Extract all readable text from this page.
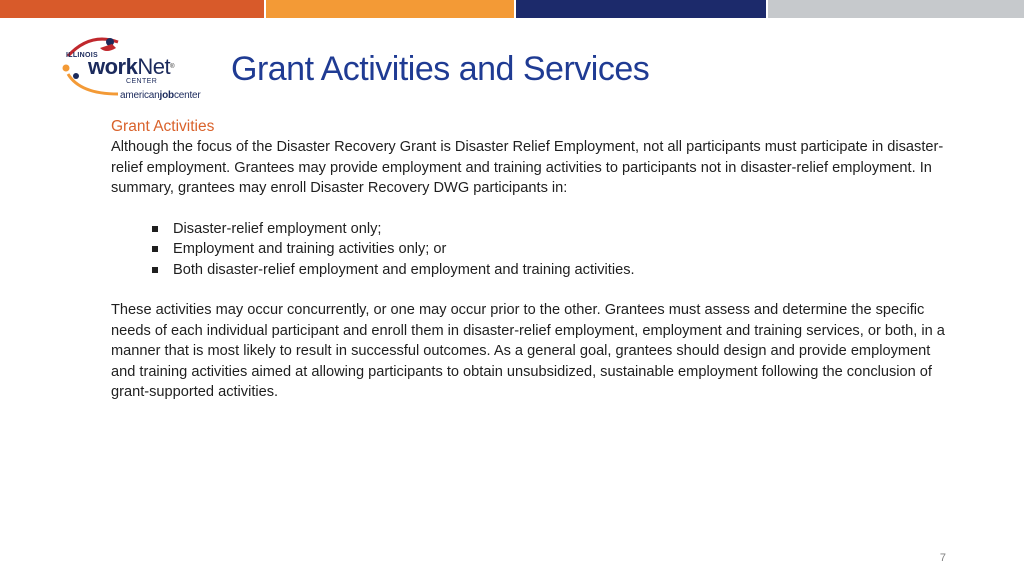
ILLINOIS
workNet®
CENTER
americanjobcenter
Grant Activities and Services
Grant Activities

Although the focus of the Disaster Recovery Grant is Disaster Relief Employment, not all participants must participate in disaster-relief employment. Grantees may provide employment and training activities to participants not in disaster-relief employment. In summary, grantees may enroll Disaster Recovery DWG participants in:

Disaster-relief employment only;
Employment and training activities only; or
Both disaster-relief employment and employment and training activities.

These activities may occur concurrently, or one may occur prior to the other. Grantees must assess and determine the specific needs of each individual participant and enroll them in disaster-relief employment, employment and training services, or both, in a manner that is most likely to result in successful outcomes. As a general goal, grantees should design and provide employment and training activities aimed at allowing participants to obtain unsubsidized, sustainable employment following the conclusion of grant-supported activities.

7
